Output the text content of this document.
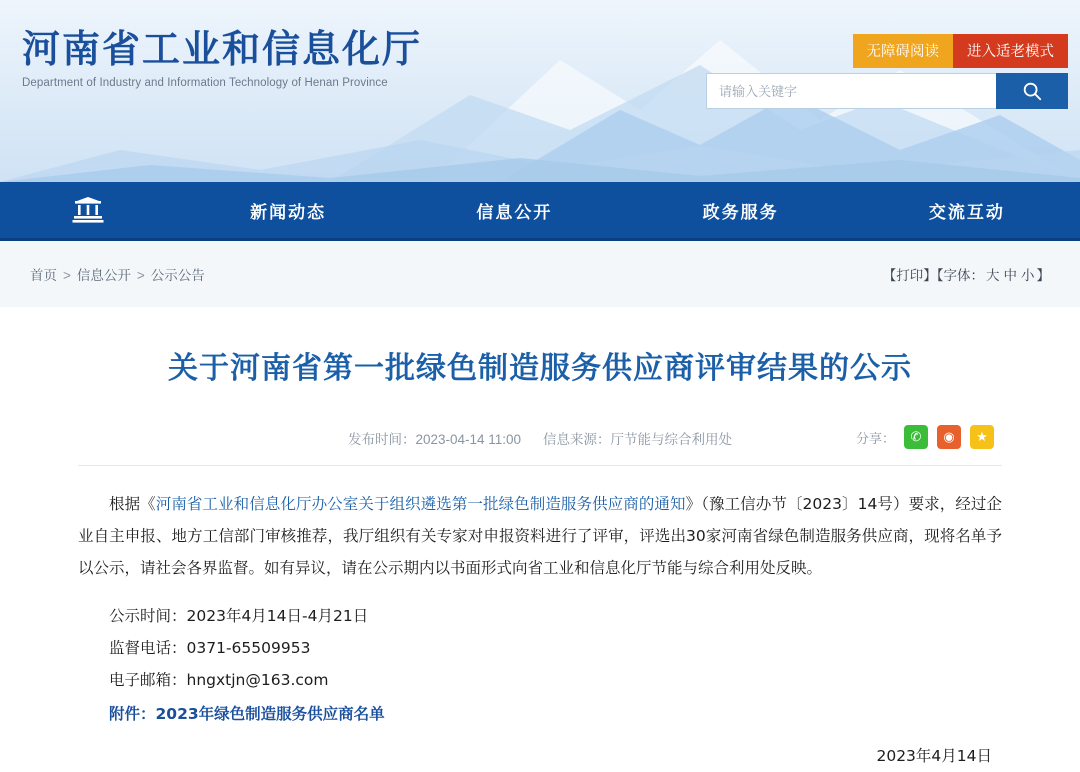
河南省工业和信息化厅
Department of Industry and Information Technology of Henan Province
无障碍阅读	进入适老模式
请输入关键字
新闻动态	信息公开	政务服务	交流互动
首页 > 信息公开 > 公示公告	【打印】【字体： 大 中 小 】
关于河南省第一批绿色制造服务供应商评审结果的公示
发布时间：2023-04-14 11:00 信息来源：厅节能与综合利用处	分享：	✆	◉	★

根据《河南省工业和信息化厅办公室关于组织遴选第一批绿色制造服务供应商的通知》（豫工信办节〔2023〕14号）要求，经过企业自主申报、地方工信部门审核推荐，我厅组织有关专家对申报资料进行了评审，评选出30家河南省绿色制造服务供应商，现将名单予以公示，请社会各界监督。如有异议，请在公示期内以书面形式向省工业和信息化厅节能与综合利用处反映。

公示时间：2023年4月14日-4月21日
监督电话：0371-65509953
电子邮箱：hngxtjn@163.com
附件：2023年绿色制造服务供应商名单
2023年4月14日
